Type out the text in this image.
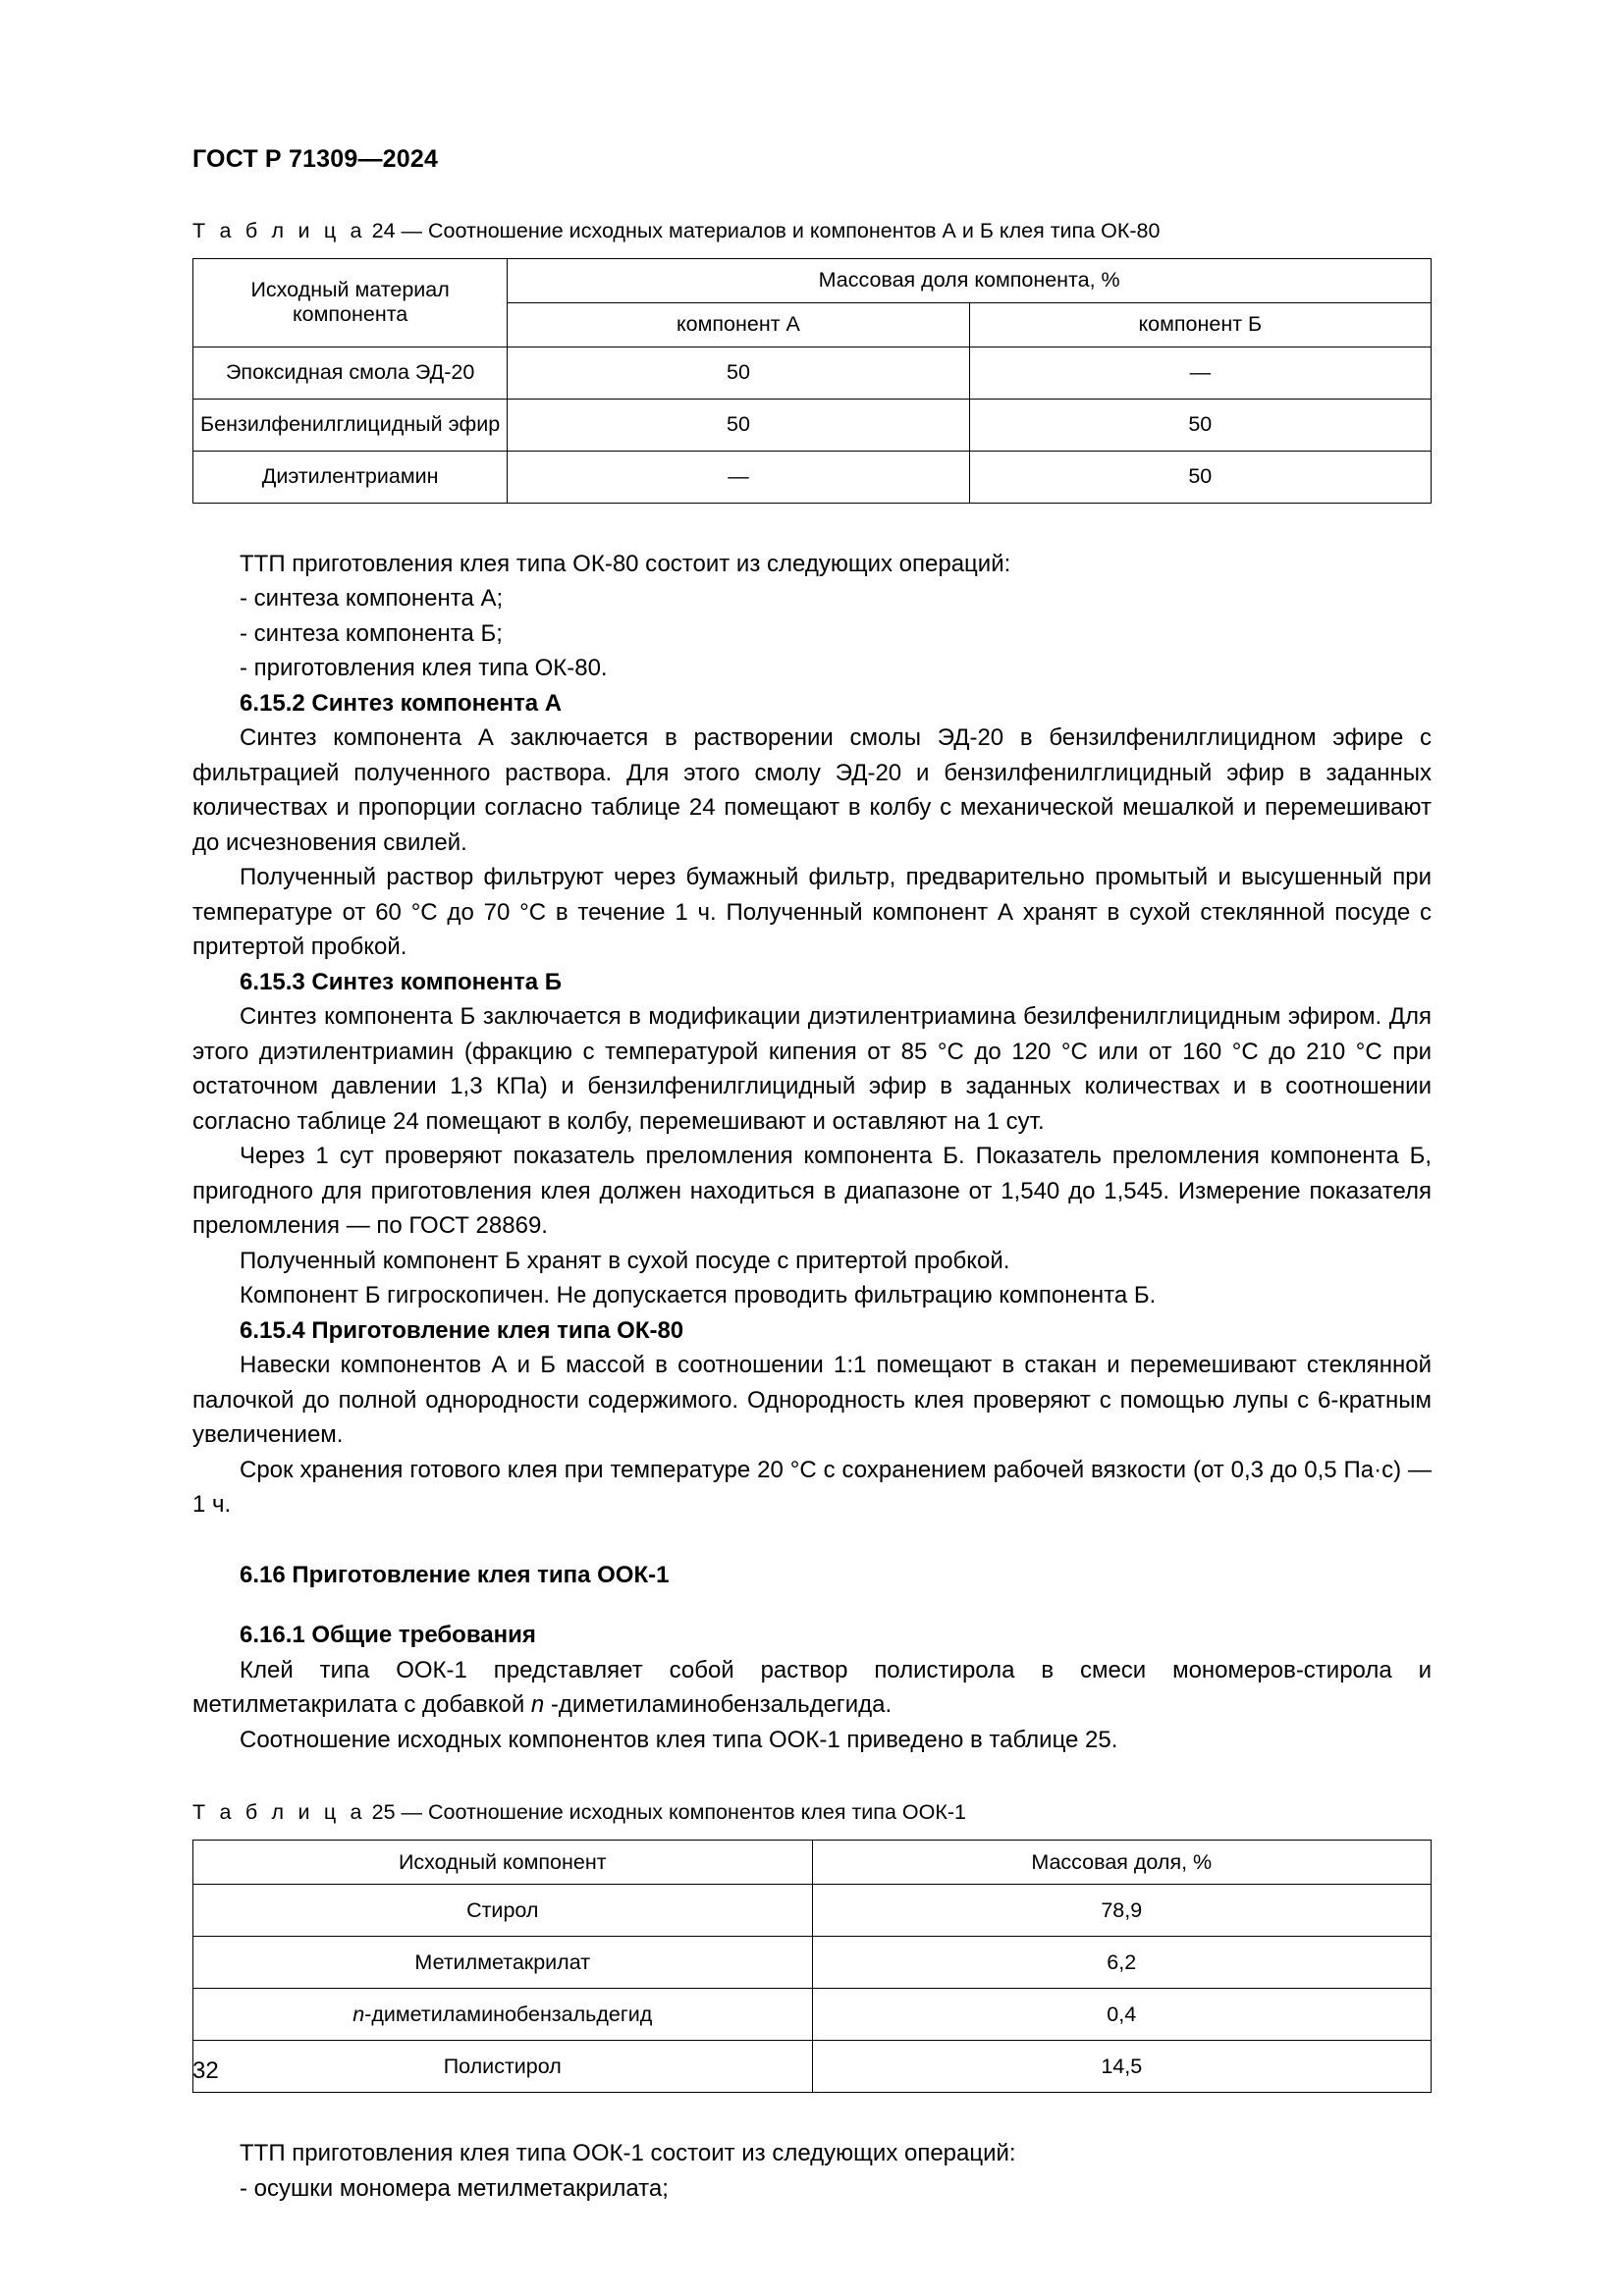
ГОСТ Р 71309—2024
Т а б л и ц а 24 — Соотношение исходных материалов и компонентов А и Б клея типа ОК-80
Исходный материал компонента	Массовая доля компонента, %	
	компонент А	компонент Б
Эпоксидная смола ЭД-20	50	—
Бензилфенилглицидный эфир	50	50
Диэтилентриамин	—	50

ТТП приготовления клея типа ОК-80 состоит из следующих операций:

- синтеза компонента А;

- синтеза компонента Б;

- приготовления клея типа ОК-80.

6.15.2 Синтез компонента А

Синтез компонента А заключается в растворении смолы ЭД-20 в бензилфенилглицидном эфире с фильтрацией полученного раствора. Для этого смолу ЭД-20 и бензилфенилглицидный эфир в заданных количествах и пропорции согласно таблице 24 помещают в колбу с механической мешалкой и перемешивают до исчезновения свилей.

Полученный раствор фильтруют через бумажный фильтр, предварительно промытый и высушенный при температуре от 60 °C до 70 °C в течение 1 ч. Полученный компонент А хранят в сухой стеклянной посуде с притертой пробкой.

6.15.3 Синтез компонента Б

Синтез компонента Б заключается в модификации диэтилентриамина безилфенилглицидным эфиром. Для этого диэтилентриамин (фракцию с температурой кипения от 85 °C до 120 °C или от 160 °C до 210 °C при остаточном давлении 1,3 КПа) и бензилфенилглицидный эфир в заданных количествах и в соотношении согласно таблице 24 помещают в колбу, перемешивают и оставляют на 1 сут.

Через 1 сут проверяют показатель преломления компонента Б. Показатель преломления компонента Б, пригодного для приготовления клея должен находиться в диапазоне от 1,540 до 1,545. Измерение показателя преломления — по ГОСТ 28869.

Полученный компонент Б хранят в сухой посуде с притертой пробкой.

Компонент Б гигроскопичен. Не допускается проводить фильтрацию компонента Б.

6.15.4 Приготовление клея типа ОК-80

Навески компонентов А и Б массой в соотношении 1:1 помещают в стакан и перемешивают стеклянной палочкой до полной однородности содержимого. Однородность клея проверяют с помощью лупы с 6-кратным увеличением.

Срок хранения готового клея при температуре 20 °C с сохранением рабочей вязкости (от 0,3 до 0,5 Па·с) — 1 ч.

6.16 Приготовление клея типа ООК-1
6.16.1 Общие требования

Клей типа ООК-1 представляет собой раствор полистирола в смеси мономеров-стирола и метилметакрилата с добавкой n -диметиламинобензальдегида.

Соотношение исходных компонентов клея типа ООК-1 приведено в таблице 25.

Т а б л и ц а 25 — Соотношение исходных компонентов клея типа ООК-1
Исходный компонент	Массовая доля, %
Стирол	78,9
Метилметакрилат	6,2
n-диметиламинобензальдегид	0,4
Полистирол	14,5

ТТП приготовления клея типа ООК-1 состоит из следующих операций:

- осушки мономера метилметакрилата;

32
